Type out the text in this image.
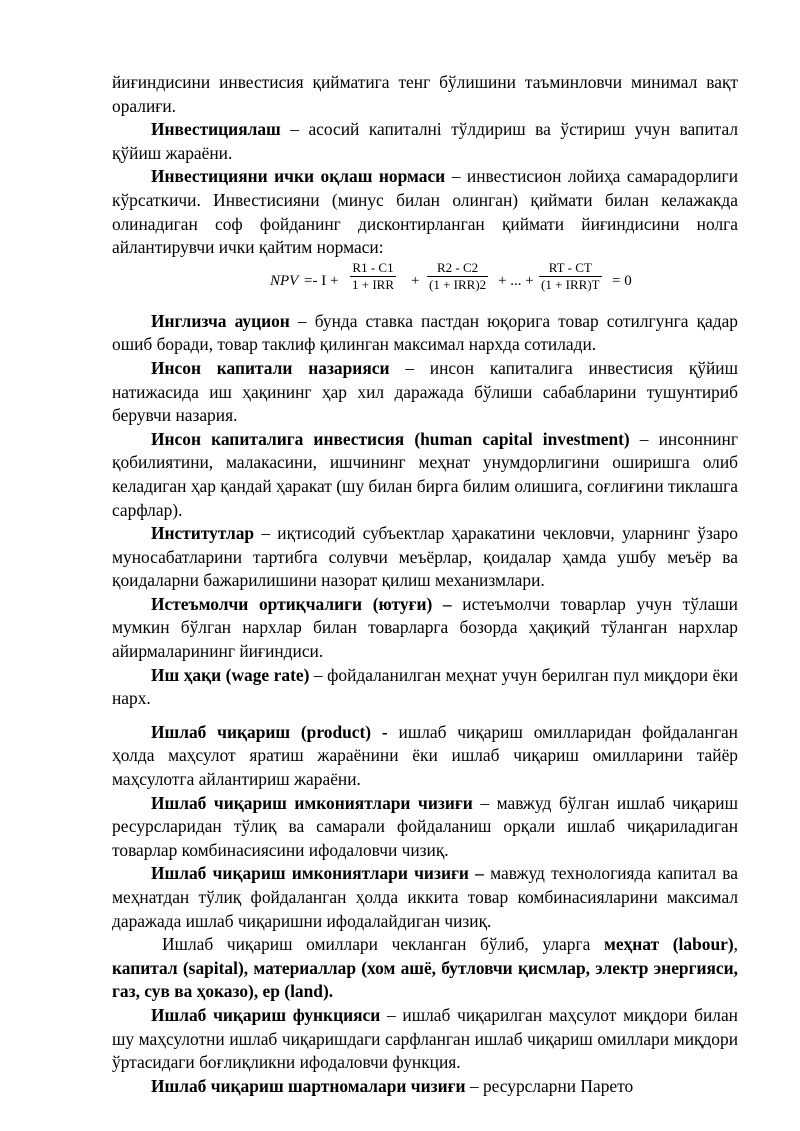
йиғиндисини инвестисия қийматига тенг бўлишини таъминловчи минимал вақт оралиғи.

Инвестициялаш – асосий капиталнi тўлдириш ва ўстириш учун вапитал қўйиш жараёни.

Инвестицияни ички оқлаш нормаси – инвестисион лойиҳа самарадорлиги кўрсаткичи. Инвестисияни (минус билан олинган) қиймати билан келажакда олинадиган соф фойданинг дисконтирланган қиймати йиғиндисини нолга айлантирувчи ички қайтим нормаси:

NPV =- I +
R1 - C1
1 + IRR +
R2 - C2
(1 + IRR)2 + ... +
RT - CT
(1 + IRR)T = 0

Инглизча ауцион – бунда ставка пастдан юқорига товар сотилгунга қадар ошиб боради, товар таклиф қилинган максимал нархда сотилади.

Инсон капитали назарияси – инсон капиталига инвестисия қўйиш натижасида иш ҳақининг ҳар хил даражада бўлиши сабабларини тушунтириб берувчи назария.

Инсон капиталига инвестисия (human capital investment) – инсоннинг қобилиятини, малакасини, ишчининг меҳнат унумдорлигини оширишга олиб келадиган ҳар қандай ҳаракат (шу билан бирга билим олишига, соғлиғини тиклашга сарфлар).

Институтлар – иқтисодий субъектлар ҳаракатини чекловчи, уларнинг ўзаро муносабатларини тартибга солувчи меъёрлар, қоидалар ҳамда ушбу меъёр ва қоидаларни бажарилишини назорат қилиш механизмлари.

Истеъмолчи ортиқчалиги (ютуғи) – истеъмолчи товарлар учун тўлаши мумкин бўлган нархлар билан товарларга бозорда ҳақиқий тўланган нархлар айирмаларининг йиғиндиси.

Иш ҳақи (wage rate) – фойдаланилган меҳнат учун берилган пул миқдори ёки нарх.

Ишлаб чиқариш (product) - ишлаб чиқариш омилларидан фойдаланган ҳолда маҳсулот яратиш жараёнини ёки ишлаб чиқариш омилларини тайёр маҳсулотга айлантириш жараёни.

Ишлаб чиқариш имкониятлари чизиғи – мавжуд бўлган ишлаб чиқариш ресурсларидан тўлиқ ва самарали фойдаланиш орқали ишлаб чиқариладиган товарлар комбинасиясини ифодаловчи чизиқ.

Ишлаб чиқариш имкониятлари чизиғи – мавжуд технологияда капитал ва меҳнатдан тўлиқ фойдаланган ҳолда иккита товар комбинасияларини максимал даражада ишлаб чиқаришни ифодалайдиган чизиқ.

Ишлаб чиқариш омиллари чекланган бўлиб, уларга меҳнат (labour), капитал (sapital), материаллар (хом ашё, бутловчи қисмлар, электр энергияси, газ, сув ва ҳоказо), ер (land).

Ишлаб чиқариш функцияси – ишлаб чиқарилган маҳсулот миқдори билан шу маҳсулотни ишлаб чиқаришдаги сарфланган ишлаб чиқариш омиллари миқдори ўртасидаги боғлиқликни ифодаловчи функция.

Ишлаб чиқариш шартномалари чизиғи – ресурсларни Парето
